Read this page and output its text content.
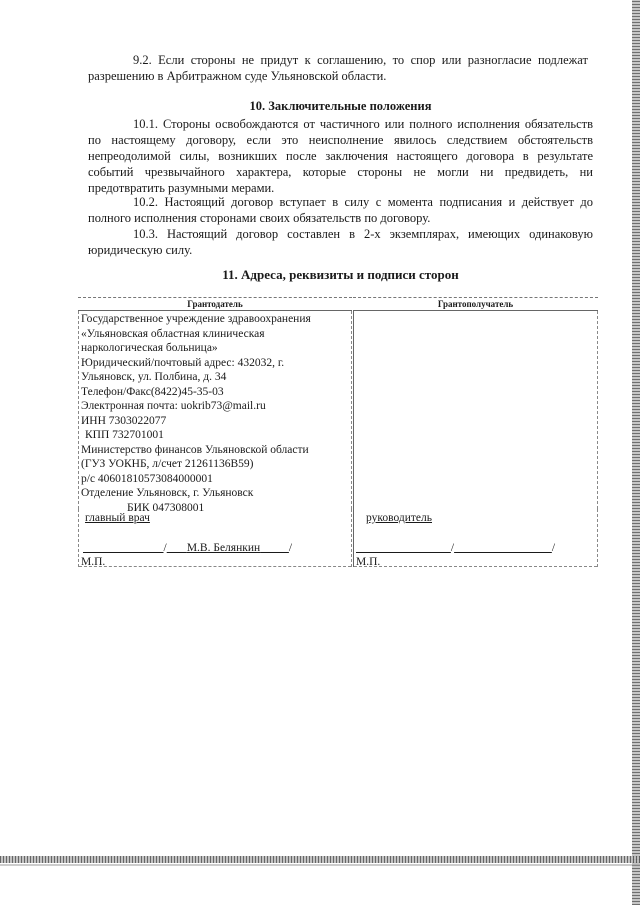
9.2. Если стороны не придут к соглашению, то спор или разногласие подлежат разрешению в Арбитражном суде Ульяновской области.

10. Заключительные положения

10.1. Стороны освобождаются от частичного или полного исполнения обязательств по настоящему договору, если это неисполнение явилось следствием обстоятельств непреодолимой силы, возникших после заключения настоящего договора в результате событий чрезвычайного характера, которые стороны не могли ни предвидеть, ни предотвратить разумными мерами.

10.2. Настоящий договор вступает в силу с момента подписания и действует до полного исполнения сторонами своих обязательств по договору.

10.3. Настоящий договор составлен в 2-х экземплярах, имеющих одинаковую юридическую силу.

11. Адреса, реквизиты и подписи сторон

Грантодатель
Государственное учреждение здравоохранения
«Ульяновская областная клиническая
наркологическая больница»
Юридический/почтовый адрес: 432032, г.
Ульяновск, ул. Полбина, д. 34
Телефон/Факс(8422)45-35-03
Электронная почта: uokrib73@mail.ru
ИНН 7303022077
КПП 732701001
Министерство финансов Ульяновской области
(ГУЗ УОКНБ, л/счет 21261136В59)
р/с 40601810573084000001
Отделение Ульяновск, г. Ульяновск
БИК 047308001
главный врач
/ М.В. Белянкин	/
М.П.
Грантополучатель
руководитель
/	/
М.П.
